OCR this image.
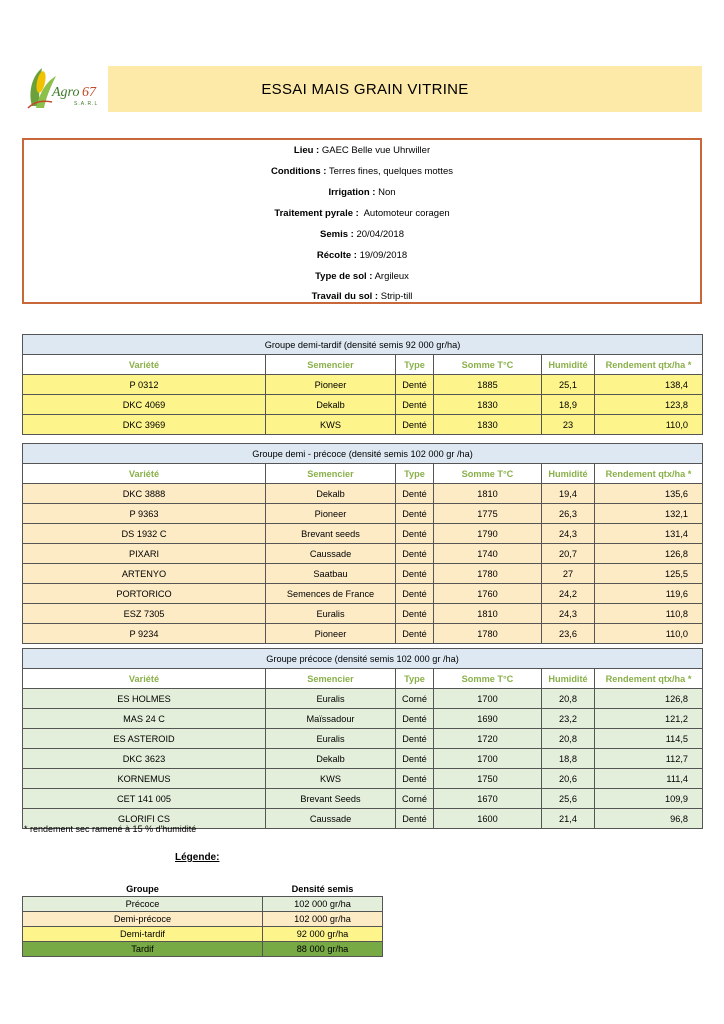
Agro 67
S.A.R.L
ESSAI MAIS GRAIN VITRINE
Lieu : GAEC Belle vue Uhrwiller
Conditions : Terres fines, quelques mottes
Irrigation : Non
Traitement pyrale : Automoteur coragen
Semis : 20/04/2018
Récolte : 19/09/2018
Type de sol : Argileux
Travail du sol : Strip-till
Groupe demi-tardif (densité semis 92 000 gr/ha)					
Variété	Semencier	Type	Somme T°C	Humidité	Rendement qtx/ha *
P 0312	Pioneer	Denté	1885	25,1	138,4
DKC 4069	Dekalb	Denté	1830	18,9	123,8
DKC 3969	KWS	Denté	1830	23	110,0
Groupe demi - précoce (densité semis 102 000 gr /ha)					
Variété	Semencier	Type	Somme T°C	Humidité	Rendement qtx/ha *
DKC 3888	Dekalb	Denté	1810	19,4	135,6
P 9363	Pioneer	Denté	1775	26,3	132,1
DS 1932 C	Brevant seeds	Denté	1790	24,3	131,4
PIXARI	Caussade	Denté	1740	20,7	126,8
ARTENYO	Saatbau	Denté	1780	27	125,5
PORTORICO	Semences de France	Denté	1760	24,2	119,6
ESZ 7305	Euralis	Denté	1810	24,3	110,8
P 9234	Pioneer	Denté	1780	23,6	110,0
Groupe précoce (densité semis 102 000 gr /ha)					
Variété	Semencier	Type	Somme T°C	Humidité	Rendement qtx/ha *
ES HOLMES	Euralis	Corné	1700	20,8	126,8
MAS 24 C	Maïssadour	Denté	1690	23,2	121,2
ES ASTEROID	Euralis	Denté	1720	20,8	114,5
DKC 3623	Dekalb	Denté	1700	18,8	112,7
KORNEMUS	KWS	Denté	1750	20,6	111,4
CET 141 005	Brevant Seeds	Corné	1670	25,6	109,9
GLORIFI CS	Caussade	Denté	1600	21,4	96,8
* rendement sec ramené à 15 % d'humidité
Légende:
Groupe	Densité semis
Précoce	102 000 gr/ha
Demi-précoce	102 000 gr/ha
Demi-tardif	92 000 gr/ha
Tardif	88 000 gr/ha
